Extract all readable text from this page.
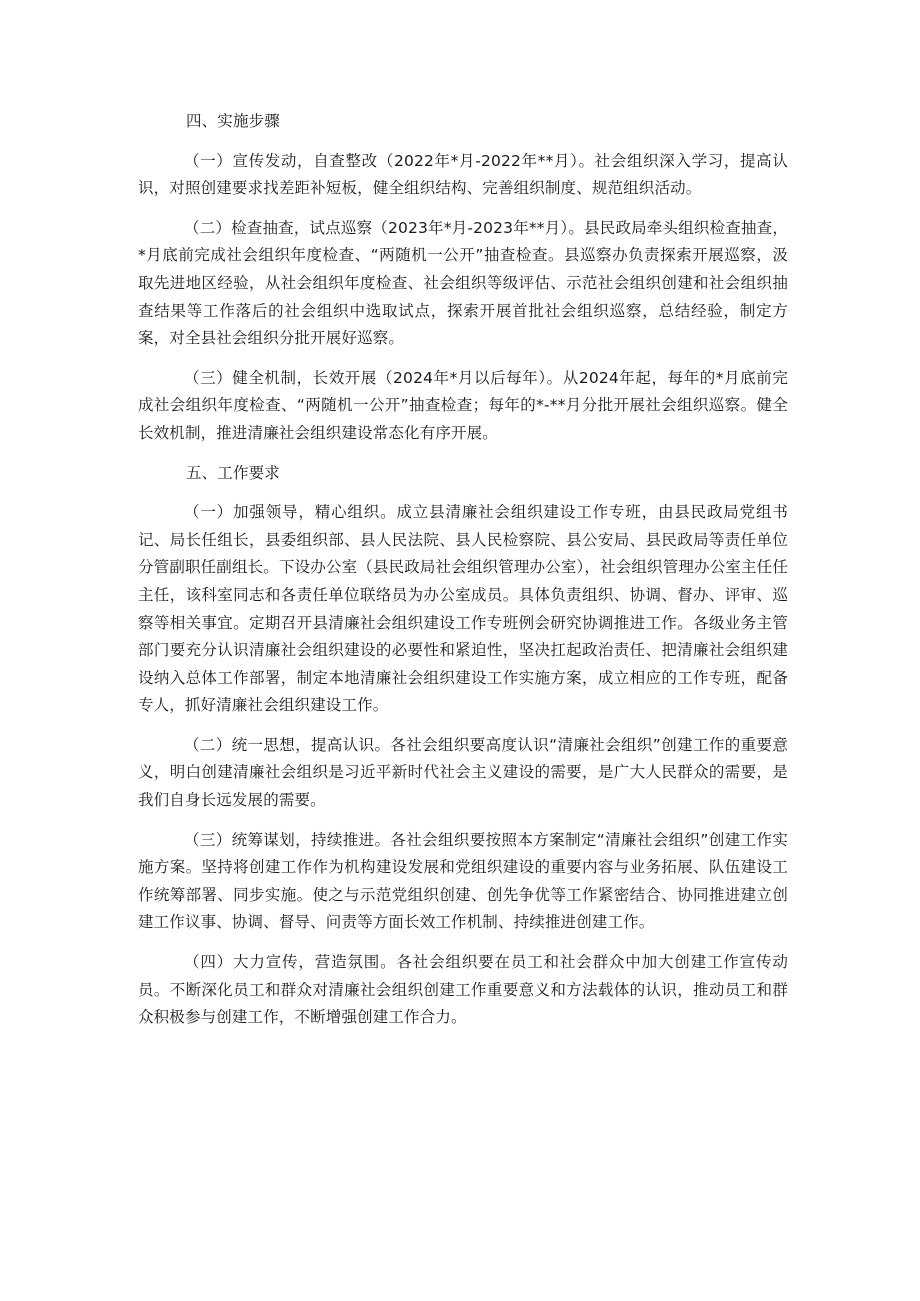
四、实施步骤

（一）宣传发动，自查整改（2022年*月-2022年**月）。社会组织深入学习，提高认识，对照创建要求找差距补短板，健全组织结构、完善组织制度、规范组织活动。

（二）检查抽查，试点巡察（2023年*月-2023年**月）。县民政局牵头组织检查抽查，*月底前完成社会组织年度检查、“两随机一公开”抽查检查。县巡察办负责探索开展巡察，汲取先进地区经验，从社会组织年度检查、社会组织等级评估、示范社会组织创建和社会组织抽查结果等工作落后的社会组织中选取试点，探索开展首批社会组织巡察，总结经验，制定方案，对全县社会组织分批开展好巡察。

（三）健全机制，长效开展（2024年*月以后每年）。从2024年起，每年的*月底前完成社会组织年度检查、“两随机一公开”抽查检查；每年的*-**月分批开展社会组织巡察。健全长效机制，推进清廉社会组织建设常态化有序开展。

五、工作要求

（一）加强领导，精心组织。成立县清廉社会组织建设工作专班，由县民政局党组书记、局长任组长，县委组织部、县人民法院、县人民检察院、县公安局、县民政局等责任单位分管副职任副组长。下设办公室（县民政局社会组织管理办公室），社会组织管理办公室主任任主任，该科室同志和各责任单位联络员为办公室成员。具体负责组织、协调、督办、评审、巡察等相关事宜。定期召开县清廉社会组织建设工作专班例会研究协调推进工作。各级业务主管部门要充分认识清廉社会组织建设的必要性和紧迫性，坚决扛起政治责任、把清廉社会组织建设纳入总体工作部署，制定本地清廉社会组织建设工作实施方案，成立相应的工作专班，配备专人，抓好清廉社会组织建设工作。

（二）统一思想，提高认识。各社会组织要高度认识“清廉社会组织”创建工作的重要意义，明白创建清廉社会组织是习近平新时代社会主义建设的需要，是广大人民群众的需要，是我们自身长远发展的需要。

（三）统筹谋划，持续推进。各社会组织要按照本方案制定“清廉社会组织”创建工作实施方案。坚持将创建工作作为机构建设发展和党组织建设的重要内容与业务拓展、队伍建设工作统筹部署、同步实施。使之与示范党组织创建、创先争优等工作紧密结合、协同推进建立创建工作议事、协调、督导、问责等方面长效工作机制、持续推进创建工作。

（四）大力宣传，营造氛围。各社会组织要在员工和社会群众中加大创建工作宣传动员。不断深化员工和群众对清廉社会组织创建工作重要意义和方法载体的认识，推动员工和群众积极参与创建工作，不断增强创建工作合力。
